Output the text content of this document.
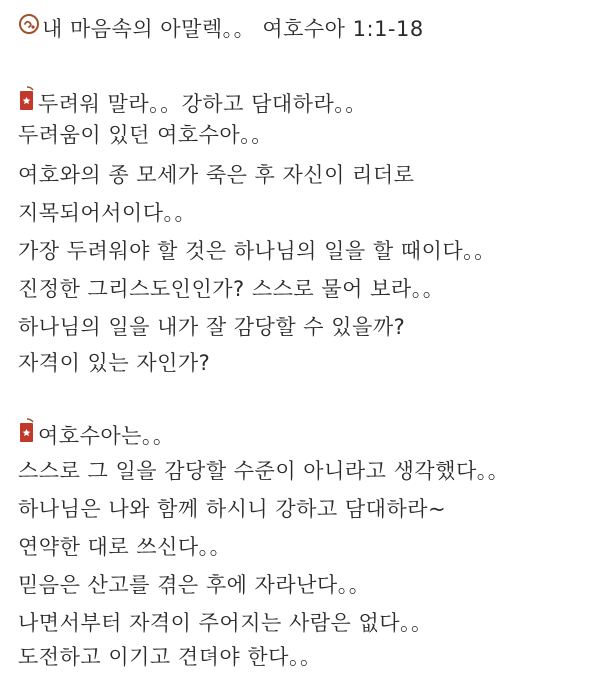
내 마음속의 아말렉。。 여호수아 1:1-18
두려워 말라。。강하고 담대하라。。
두려움이 있던 여호수아。。
여호와의 종 모세가 죽은 후 자신이 리더로
지목되어서이다。。
가장 두려워야 할 것은 하나님의 일을 할 때이다。。
진정한 그리스도인인가? 스스로 물어 보라。。
하나님의 일을 내가 잘 감당할 수 있을까?
자격이 있는 자인가?
여호수아는。。
스스로 그 일을 감당할 수준이 아니라고 생각했다。。
하나님은 나와 함께 하시니 강하고 담대하라~
연약한 대로 쓰신다。。
믿음은 산고를 겪은 후에 자라난다。。
나면서부터 자격이 주어지는 사람은 없다。。
도전하고 이기고 견뎌야 한다。。
